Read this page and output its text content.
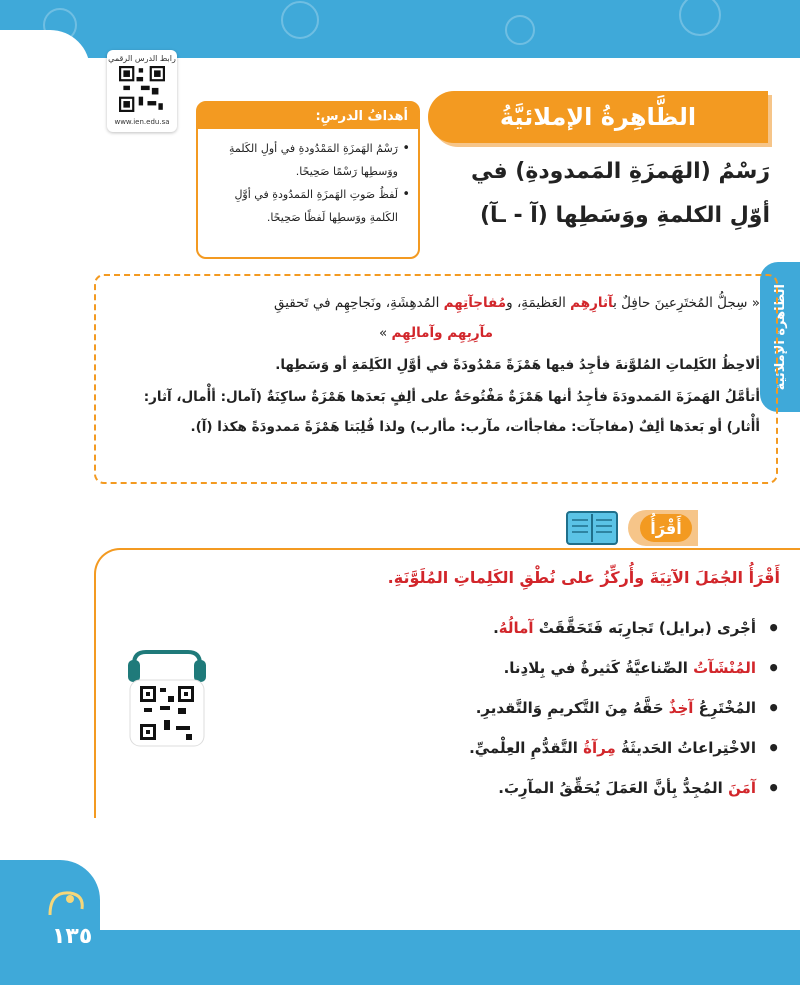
رابط الدرس الرقمي
www.ien.edu.sa	الظَّاهِرةُ الإملائيَّةُ
رَسْمُ (الهَمزَةِ المَمدودةِ) في
أوّلِ الكلمةِ ووَسَطِها (آ - ـآ)
أهدافُ الدرسِ:
• رَسْمُ الهَمزَةِ المَمْدُودةِ في أولِ الكَلمةِ ووَسطِها رَسْمًا صَحِيحًا.
• لَفظُ صَوتِ الهَمزَةِ المَمدُودةِ في أوَّلِ الكَلمةِ ووَسطِها لَفظًا صَحِيحًا.
الظاهرة الإملائية
« سِجلُّ المُختَرِعينَ حافِلٌ بآثارِهِم العَظيمَةِ، ومُفاجآتِهِم المُدهِشَةِ، ونَجاحِهِم في تَحقيقِ
مآرِبِهِم وآمالِهِم »
ألاحِظُ الكَلِماتِ المُلوَّنةَ فأجِدُ فيها هَمْزَةً مَمْدُودَةً في أوَّلِ الكَلِمَةِ أو وَسَطِها.
أتأمَّلُ الهَمزَةَ المَمدودَةَ فأجِدُ أنها هَمْزَةٌ مَفْتُوحَةٌ على ألِفٍ بَعدَها هَمْزَةٌ ساكِنَةٌ (آمال: أأْمال، آثار: أأْثار) أو بَعدَها ألِفٌ (مفاجآت: مفاجأات، مآرب: مأارب) ولذا قُلِبَتا هَمْزَةً مَمدودَةً هكذا (آ).
أَقْرَأُ
أَقْرَأُ الجُمَلَ الآتِيَةَ وأُركِّزُ على نُطْقِ الكَلِماتِ المُلَوَّنَةِ.
• أجْرى (برايل) تَجارِبَه فَتَحَقَّقَتْ آمالُهُ.
• المُنْشَآتُ الصِّناعيَّةُ كَثيرةٌ في بِلادِنا.
• المُخْتَرِعُ آخِذٌ حَقَّهُ مِنَ التَّكريمِ وَالتَّقديرِ.
• الاخْتِراعاتُ الحَديثَةُ مِرآةُ التَّقدُّمِ العِلْميِّ.
• آمَنَ المُجِدُّ بِأنَّ العَمَلَ يُحَقِّقُ المآرِبَ.
١٣٥
